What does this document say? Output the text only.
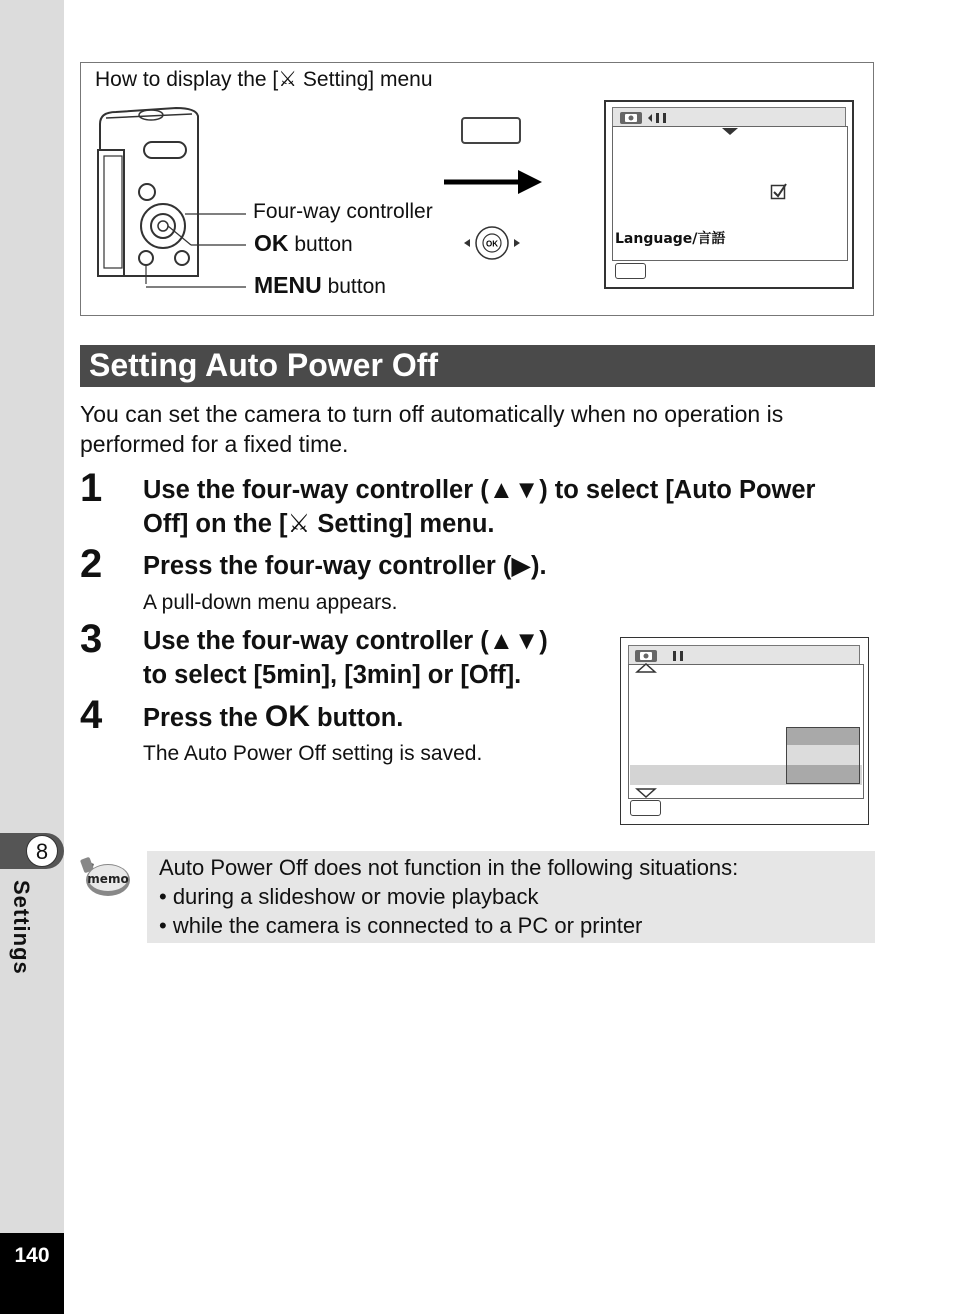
8
Settings
140
How to display the [⚔ Setting] menu
Four-way controller
OK button
MENU button
OK	Language/言語
Setting Auto Power Off
You can set the camera to turn off automatically when no operation is performed for a fixed time.
1 Use the four-way controller (▲▼) to select [Auto Power
Off] on the [⚔ Setting] menu.
2 Press the four-way controller (▶).
A pull-down menu appears.
3 Use the four-way controller (▲▼)
to select [5min], [3min] or [Off].
4 Press the OK button.
The Auto Power Off setting is saved.
memo Auto Power Off does not function in the following situations:
• during a slideshow or movie playback
• while the camera is connected to a PC or printer
